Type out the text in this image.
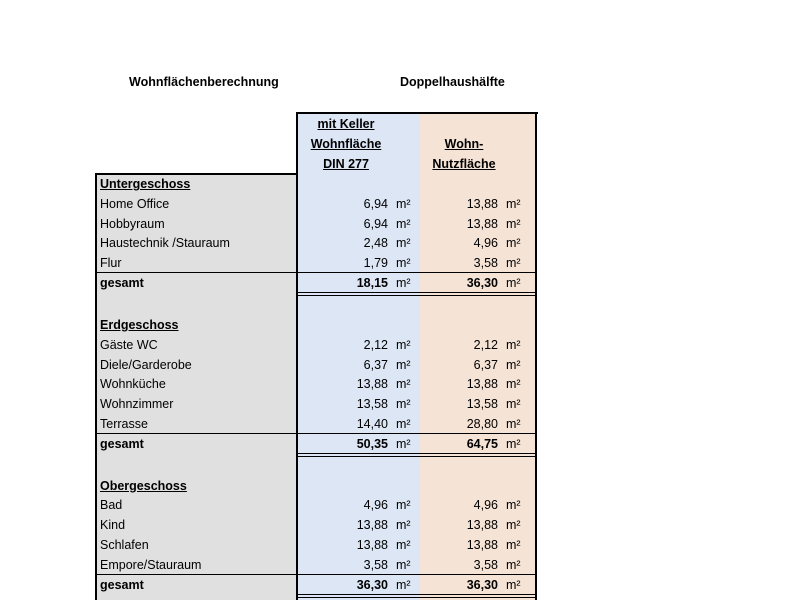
Wohnflächenberechnung	Doppelhaushälfte
mit Keller
Wohnfläche
DIN 277
Wohn-
Nutzfläche
Untergeschoss
Home Office	6,94 m²	13,88 m²
Hobbyraum	6,94 m²	13,88 m²
Haustechnik /Stauraum	2,48 m²	4,96 m²
Flur	1,79 m²	3,58 m²
gesamt	18,15 m²	36,30 m²
Erdgeschoss
Gäste WC	2,12 m²	2,12 m²
Diele/Garderobe	6,37 m²	6,37 m²
Wohnküche	13,88 m²	13,88 m²
Wohnzimmer	13,58 m²	13,58 m²
Terrasse	14,40 m²	28,80 m²
gesamt	50,35 m²	64,75 m²
Obergeschoss
Bad	4,96 m²	4,96 m²
Kind	13,88 m²	13,88 m²
Schlafen	13,88 m²	13,88 m²
Empore/Stauraum	3,58 m²	3,58 m²
gesamt	36,30 m²	36,30 m²
